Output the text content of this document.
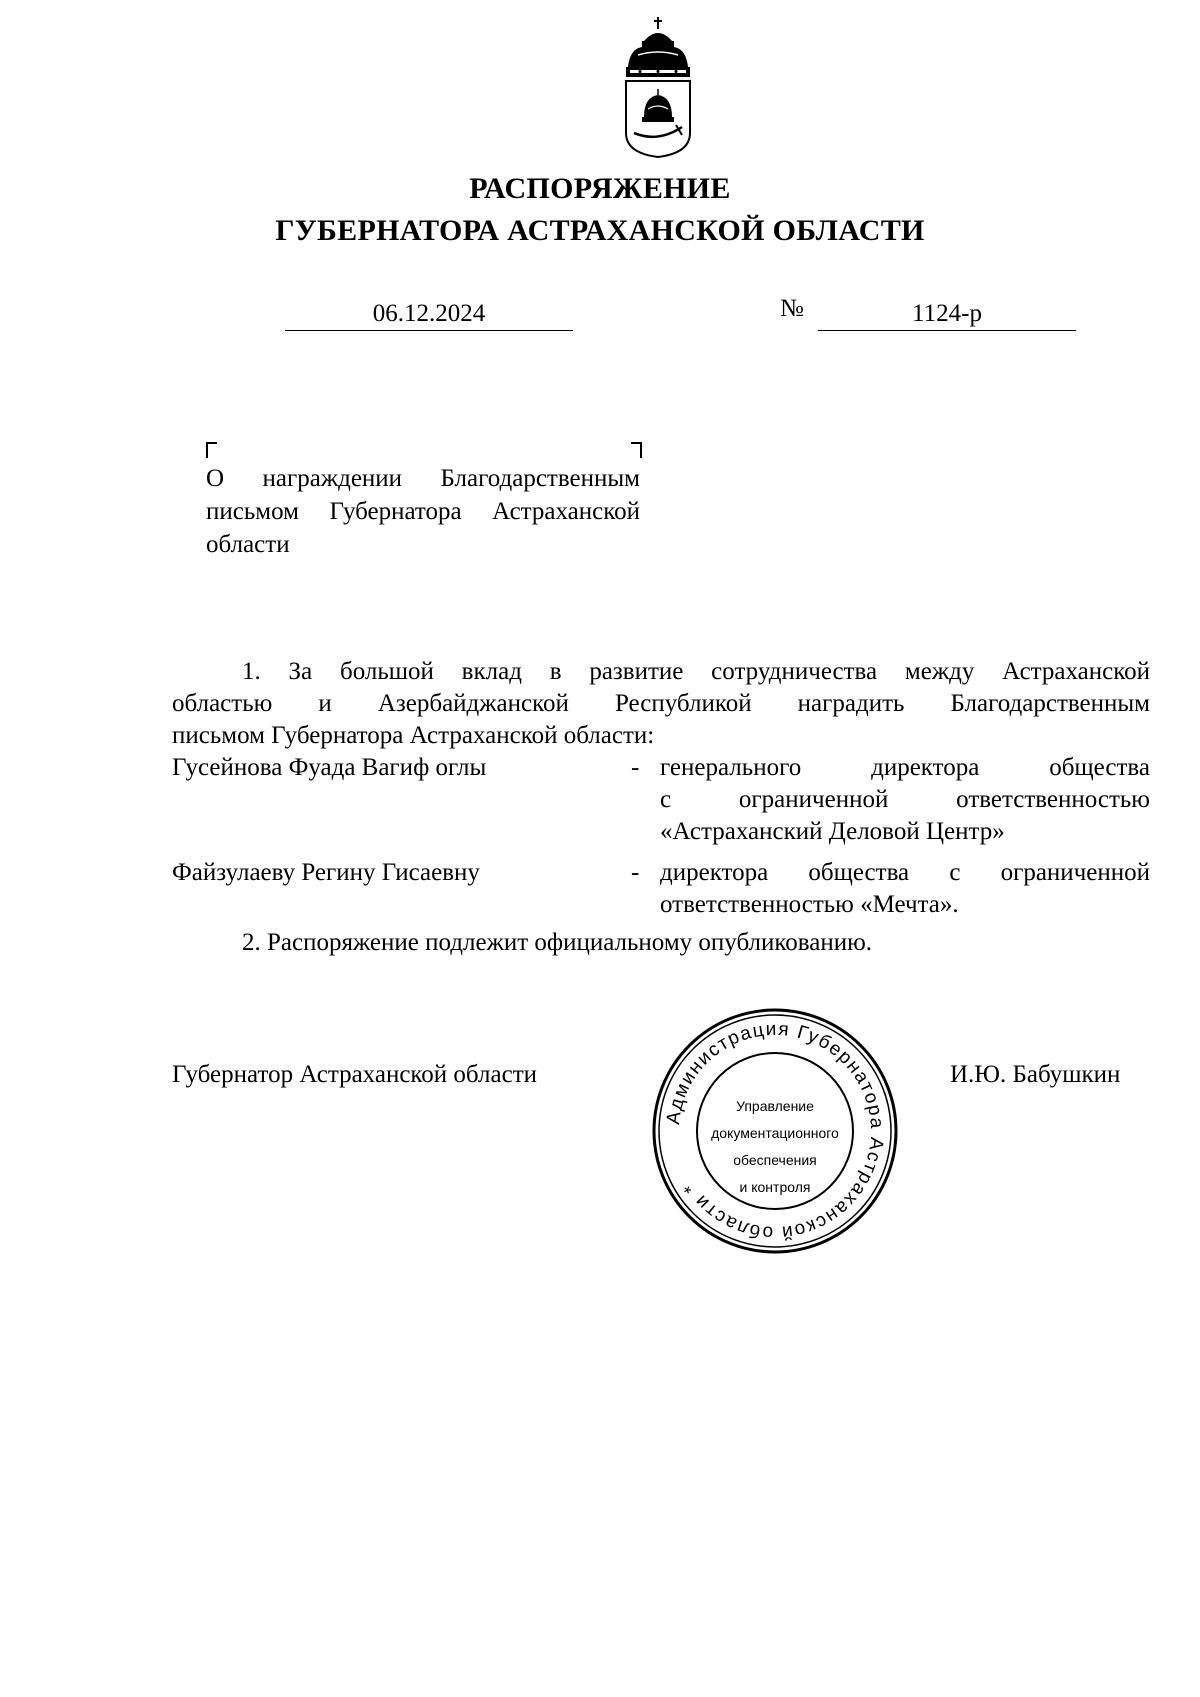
РАСПОРЯЖЕНИЕ
ГУБЕРНАТОРА АСТРАХАНСКОЙ ОБЛАСТИ
06.12.2024	№	1124-р
О награждении Благодарственным
письмом Губернатора Астраханской
области
1. За большой вклад в развитие сотрудничества между Астраханской
областью и Азербайджанской Республикой наградить Благодарственным
письмом Губернатора Астраханской области:
Гусейнова Фуада Вагиф оглы	- генерального директора общества
с ограниченной ответственностью
«Астраханский Деловой Центр»
Файзулаеву Регину Гисаевну	- директора общества с ограниченной
ответственностью «Мечта».
2. Распоряжение подлежит официальному опубликованию.
Губернатор Астраханской области	И.Ю. Бабушкин
Администрация Губернатора Астраханской области *
Управление
документационного
обеспечения
и контроля
